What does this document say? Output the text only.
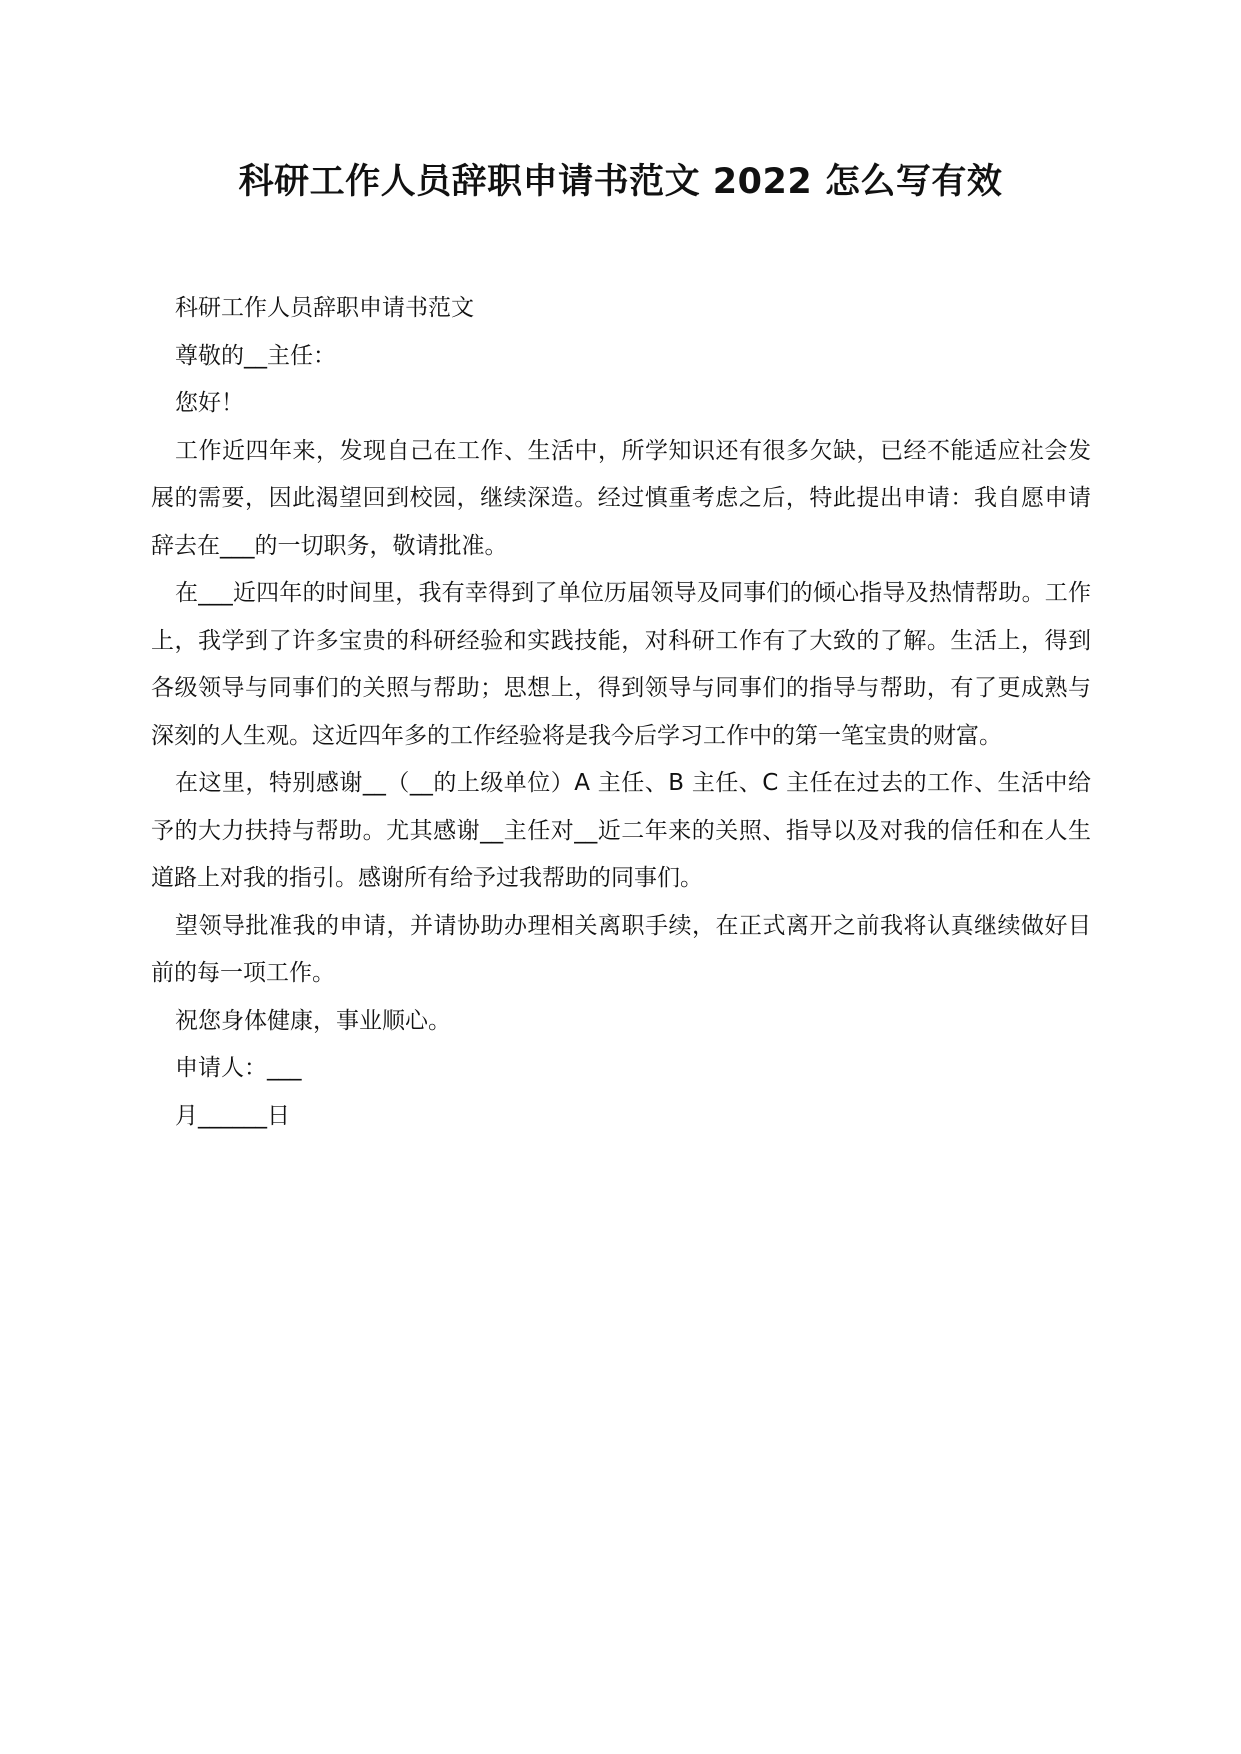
科研工作人员辞职申请书范文 2022 怎么写有效

科研工作人员辞职申请书范文

尊敬的__主任：

您好！

工作近四年来，发现自己在工作、生活中，所学知识还有很多欠缺，已经不能适应社会发展的需要，因此渴望回到校园，继续深造。经过慎重考虑之后，特此提出申请：我自愿申请辞去在___的一切职务，敬请批准。

在___近四年的时间里，我有幸得到了单位历届领导及同事们的倾心指导及热情帮助。工作上，我学到了许多宝贵的科研经验和实践技能，对科研工作有了大致的了解。生活上，得到各级领导与同事们的关照与帮助；思想上，得到领导与同事们的指导与帮助，有了更成熟与深刻的人生观。这近四年多的工作经验将是我今后学习工作中的第一笔宝贵的财富。

在这里，特别感谢__（__的上级单位）A 主任、B 主任、C 主任在过去的工作、生活中给予的大力扶持与帮助。尤其感谢__主任对__近二年来的关照、指导以及对我的信任和在人生道路上对我的指引。感谢所有给予过我帮助的同事们。

望领导批准我的申请，并请协助办理相关离职手续，在正式离开之前我将认真继续做好目前的每一项工作。

祝您身体健康，事业顺心。

申请人：___

月______日
